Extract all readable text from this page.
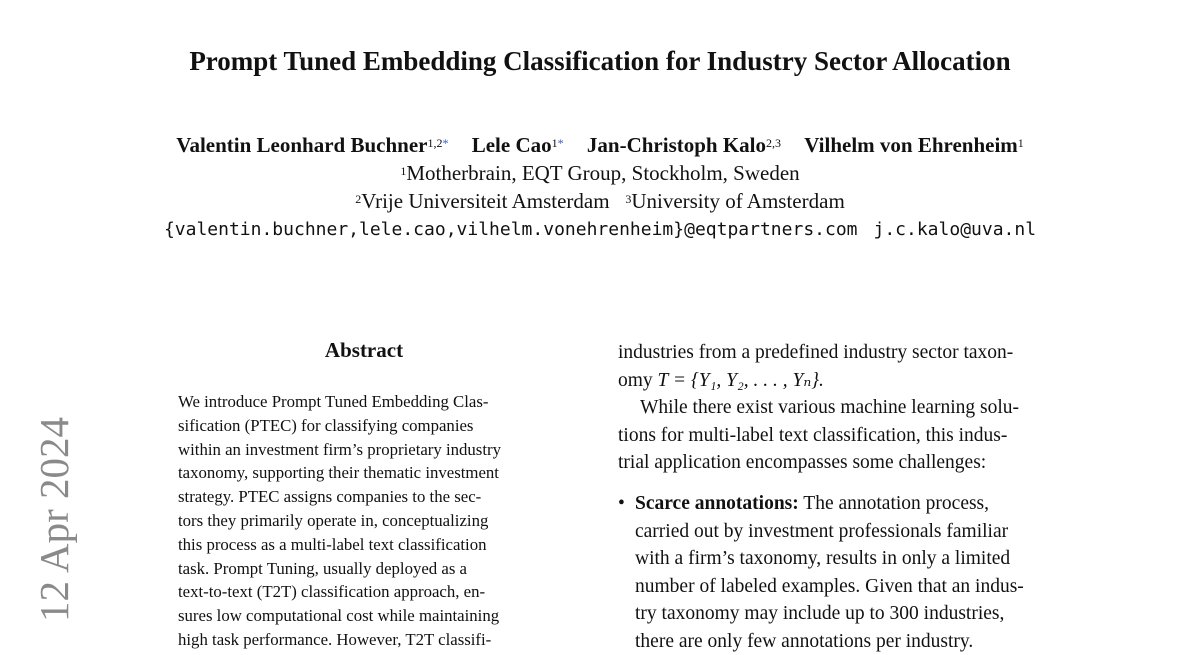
Prompt Tuned Embedding Classification for Industry Sector Allocation
Valentin Leonhard Buchner$^{1,2*}$ Lele Cao$^{1*}$ Jan-Christoph Kalo$^{2,3}$ Vilhelm von Ehrenheim$^1$
$^1$Motherbrain, EQT Group, Stockholm, Sweden
$^2$Vrije Universiteit Amsterdam $^3$University of Amsterdam
{valentin.buchner,lele.cao,vilhelm.vonehrenheim}@eqtpartners.com j.c.kalo@uva.nl
12 Apr 2024
Abstract
We introduce Prompt Tuned Embedding Clas-
sification (PTEC) for classifying companies
within an investment firm’s proprietary industry
taxonomy, supporting their thematic investment
strategy. PTEC assigns companies to the sec-
tors they primarily operate in, conceptualizing
this process as a multi-label text classification
task. Prompt Tuning, usually deployed as a
text-to-text (T2T) classification approach, en-
sures low computational cost while maintaining
high task performance. However, T2T classifi-
industries from a predefined industry sector taxon-
omy T = {Y₁, Y₂, . . . , Yₙ}.
While there exist various machine learning solu-
tions for multi-label text classification, this indus-
trial application encompasses some challenges:
• Scarce annotations: The annotation process,
carried out by investment professionals familiar
with a firm’s taxonomy, results in only a limited
number of labeled examples. Given that an indus-
try taxonomy may include up to 300 industries,
there are only few annotations per industry.
